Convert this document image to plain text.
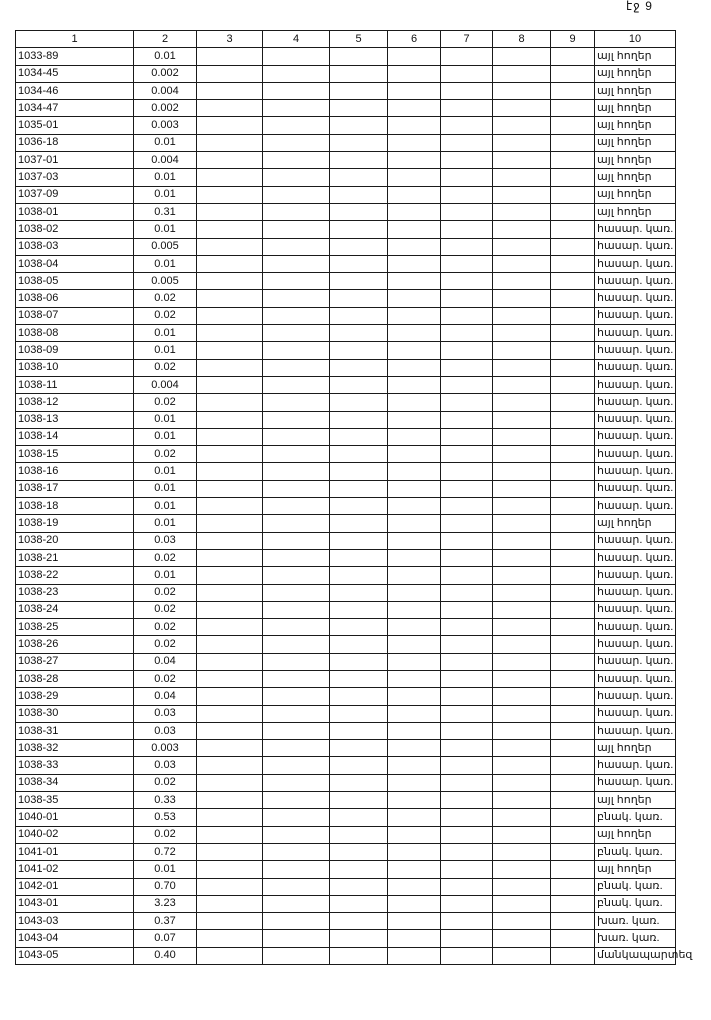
էջ 9
1	2	3	4	5	6	7	8	9	10
1033-89	0.01								այլ հողեր
1034-45	0.002								այլ հողեր
1034-46	0.004								այլ հողեր
1034-47	0.002								այլ հողեր
1035-01	0.003								այլ հողեր
1036-18	0.01								այլ հողեր
1037-01	0.004								այլ հողեր
1037-03	0.01								այլ հողեր
1037-09	0.01								այլ հողեր
1038-01	0.31								այլ հողեր
1038-02	0.01								հասար. կառ.
1038-03	0.005								հասար. կառ.
1038-04	0.01								հասար. կառ.
1038-05	0.005								հասար. կառ.
1038-06	0.02								հասար. կառ.
1038-07	0.02								հասար. կառ.
1038-08	0.01								հասար. կառ.
1038-09	0.01								հասար. կառ.
1038-10	0.02								հասար. կառ.
1038-11	0.004								հասար. կառ.
1038-12	0.02								հասար. կառ.
1038-13	0.01								հասար. կառ.
1038-14	0.01								հասար. կառ.
1038-15	0.02								հասար. կառ.
1038-16	0.01								հասար. կառ.
1038-17	0.01								հասար. կառ.
1038-18	0.01								հասար. կառ.
1038-19	0.01								այլ հողեր
1038-20	0.03								հասար. կառ.
1038-21	0.02								հասար. կառ.
1038-22	0.01								հասար. կառ.
1038-23	0.02								հասար. կառ.
1038-24	0.02								հասար. կառ.
1038-25	0.02								հասար. կառ.
1038-26	0.02								հասար. կառ.
1038-27	0.04								հասար. կառ.
1038-28	0.02								հասար. կառ.
1038-29	0.04								հասար. կառ.
1038-30	0.03								հասար. կառ.
1038-31	0.03								հասար. կառ.
1038-32	0.003								այլ հողեր
1038-33	0.03								հասար. կառ.
1038-34	0.02								հասար. կառ.
1038-35	0.33								այլ հողեր
1040-01	0.53								բնակ. կառ.
1040-02	0.02								այլ հողեր
1041-01	0.72								բնակ. կառ.
1041-02	0.01								այլ հողեր
1042-01	0.70								բնակ. կառ.
1043-01	3.23								բնակ. կառ.
1043-03	0.37								խառ. կառ.
1043-04	0.07								խառ. կառ.
1043-05	0.40								մանկապարտեզ
